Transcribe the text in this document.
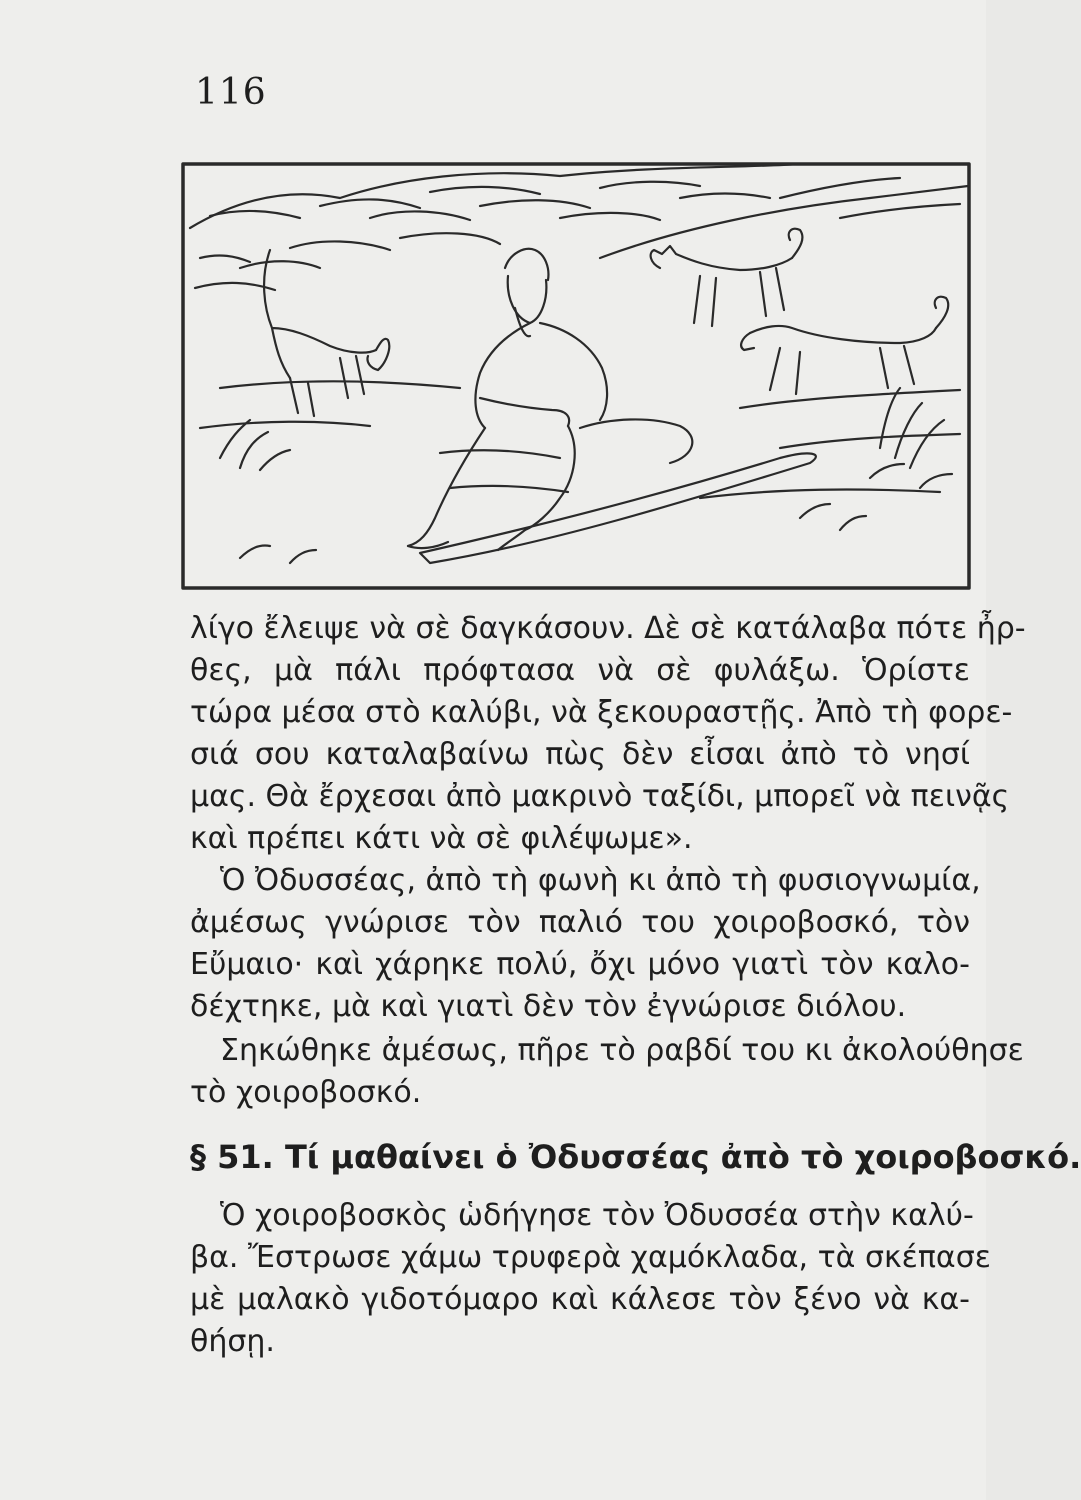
116
λίγο ἔλειψε νὰ σὲ δαγκάσουν. Δὲ σὲ κατάλαβα πότε ἦρ-
θες, μὰ πάλι πρόφτασα νὰ σὲ φυλάξω. Ὁρίστε
τώρα μέσα στὸ καλύβι, νὰ ξεκουραστῇς. Ἀπὸ τὴ φορε-
σιά σου καταλαβαίνω πὼς δὲν εἶσαι ἀπὸ τὸ νησί
μας. Θὰ ἔρχεσαι ἀπὸ μακρινὸ ταξίδι, μπορεῖ νὰ πεινᾷς
καὶ πρέπει κάτι νὰ σὲ φιλέψωμε».
Ὁ Ὀδυσσέας, ἀπὸ τὴ φωνὴ κι ἀπὸ τὴ φυσιογνωμία,
ἀμέσως γνώρισε τὸν παλιό του χοιροβοσκό, τὸν
Εὔμαιο· καὶ χάρηκε πολύ, ὄχι μόνο γιατὶ τὸν καλο-
δέχτηκε, μὰ καὶ γιατὶ δὲν τὸν ἐγνώρισε διόλου.
Σηκώθηκε ἀμέσως, πῆρε τὸ ραβδί του κι ἀκολούθησε
τὸ χοιροβοσκό.
§ 51. Τί μαθαίνει ὁ Ὀδυσσέας ἀπὸ τὸ χοιροβοσκό.
Ὁ χοιροβοσκὸς ὡδήγησε τὸν Ὀδυσσέα στὴν καλύ-
βα. Ἔστρωσε χάμω τρυφερὰ χαμόκλαδα, τὰ σκέπασε
μὲ μαλακὸ γιδοτόμαρο καὶ κάλεσε τὸν ξένο νὰ κα-
θήσῃ.
